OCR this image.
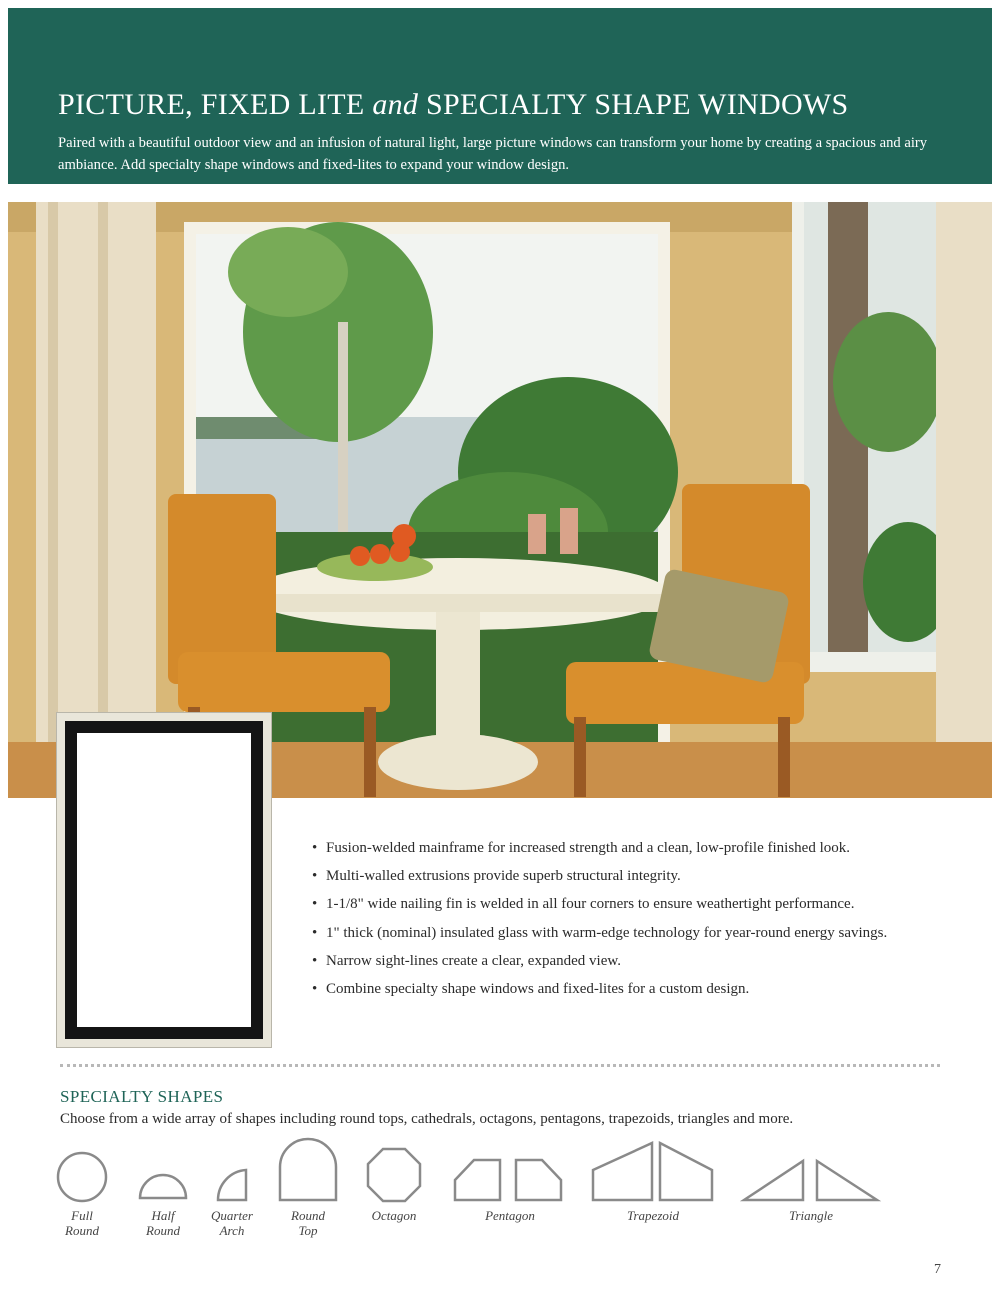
PICTURE, FIXED LITE and SPECIALTY SHAPE WINDOWS

Paired with a beautiful outdoor view and an infusion of natural light, large picture windows can transform your home by creating a spacious and airy ambiance. Add specialty shape windows and fixed-lites to expand your window design.

• Fusion-welded mainframe for increased strength and a clean, low-profile finished look.
• Multi-walled extrusions provide superb structural integrity.
• 1-1/8" wide nailing fin is welded in all four corners to ensure weathertight performance.
• 1" thick (nominal) insulated glass with warm-edge technology for year-round energy savings.
• Narrow sight-lines create a clear, expanded view.
• Combine specialty shape windows and fixed-lites for a custom design.
SPECIALTY SHAPES
Choose from a wide array of shapes including round tops, cathedrals, octagons, pentagons, trapezoids, triangles and more.
Full
Round
Half
Round
Quarter
Arch
Round
Top
Octagon	Pentagon	Trapezoid	Triangle
7
